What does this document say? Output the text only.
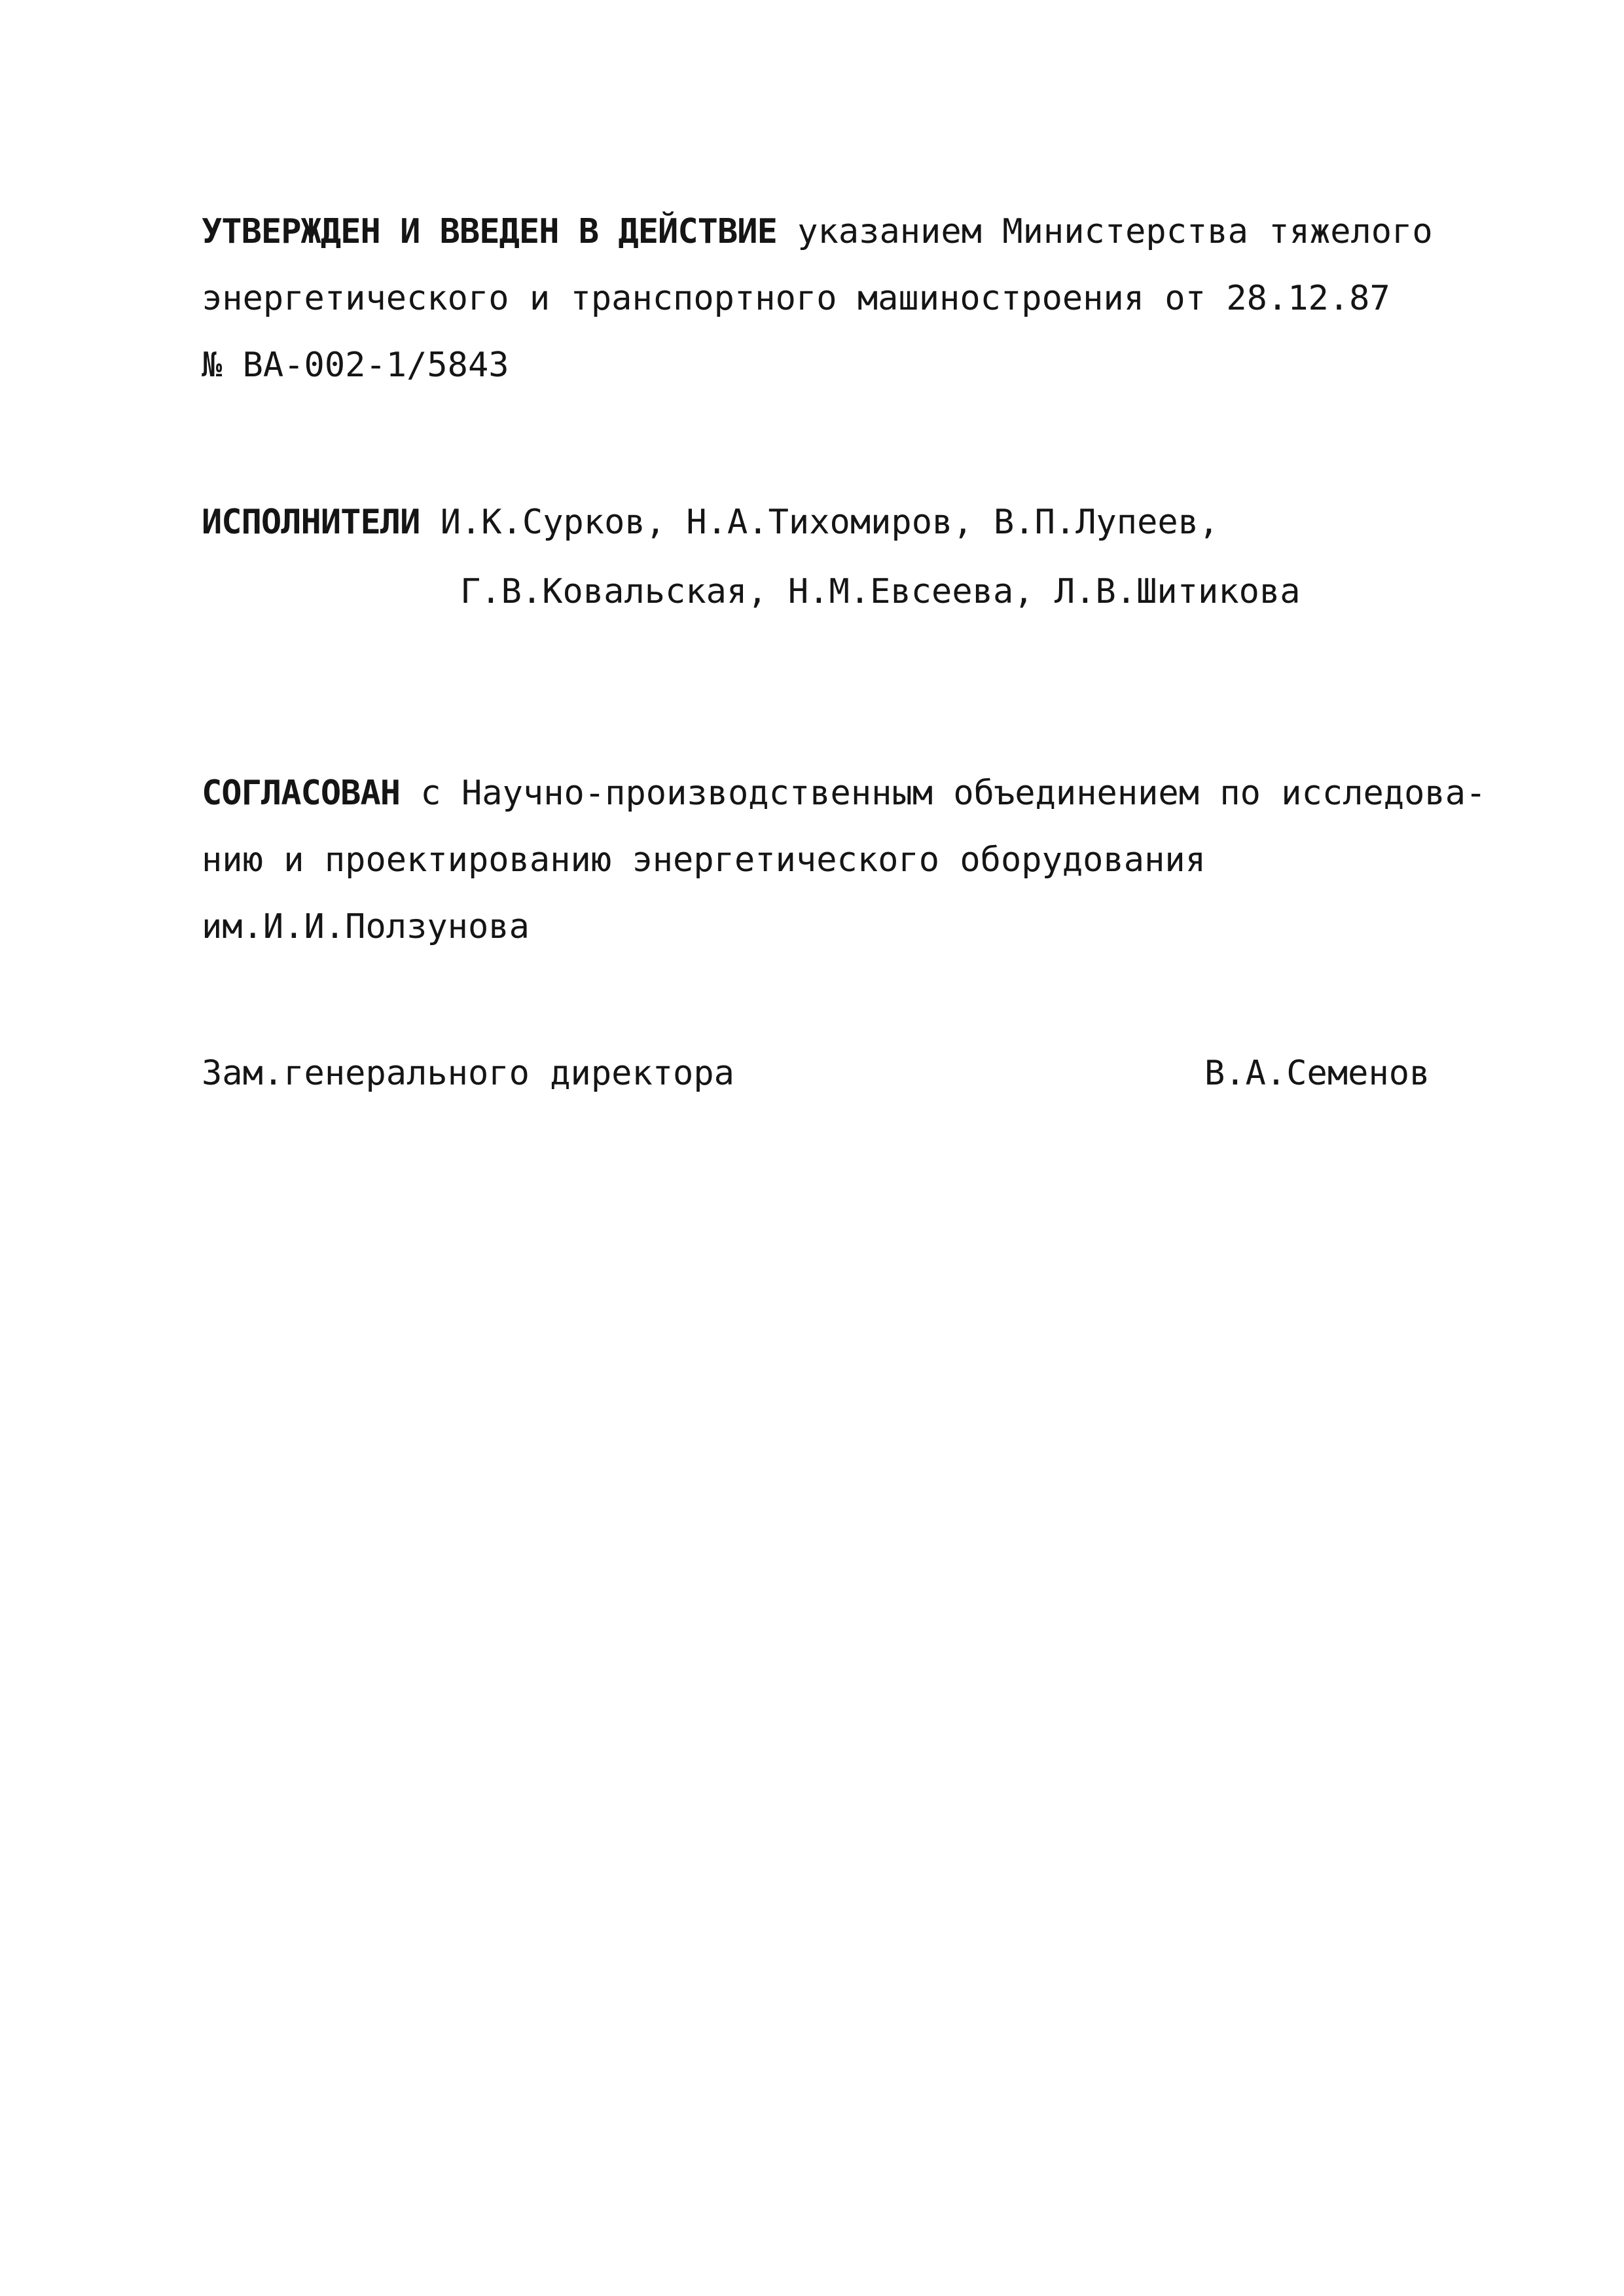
УТВЕРЖДЕН И ВВЕДЕН В ДЕЙСТВИЕ указанием Министерства тяжелого
энергетического и транспортного машиностроения от 28.12.87
№ ВА-002-1/5843
ИСПОЛНИТЕЛИ И.К.Сурков, Н.А.Тихомиров, В.П.Лупеев,
Г.В.Ковальская, Н.М.Евсеева, Л.В.Шитикова
СОГЛАСОВАН с Научно-производственным объединением по исследова-
нию и проектированию энергетического оборудования
им.И.И.Ползунова
Зам.генерального директора	В.А.Семенов
